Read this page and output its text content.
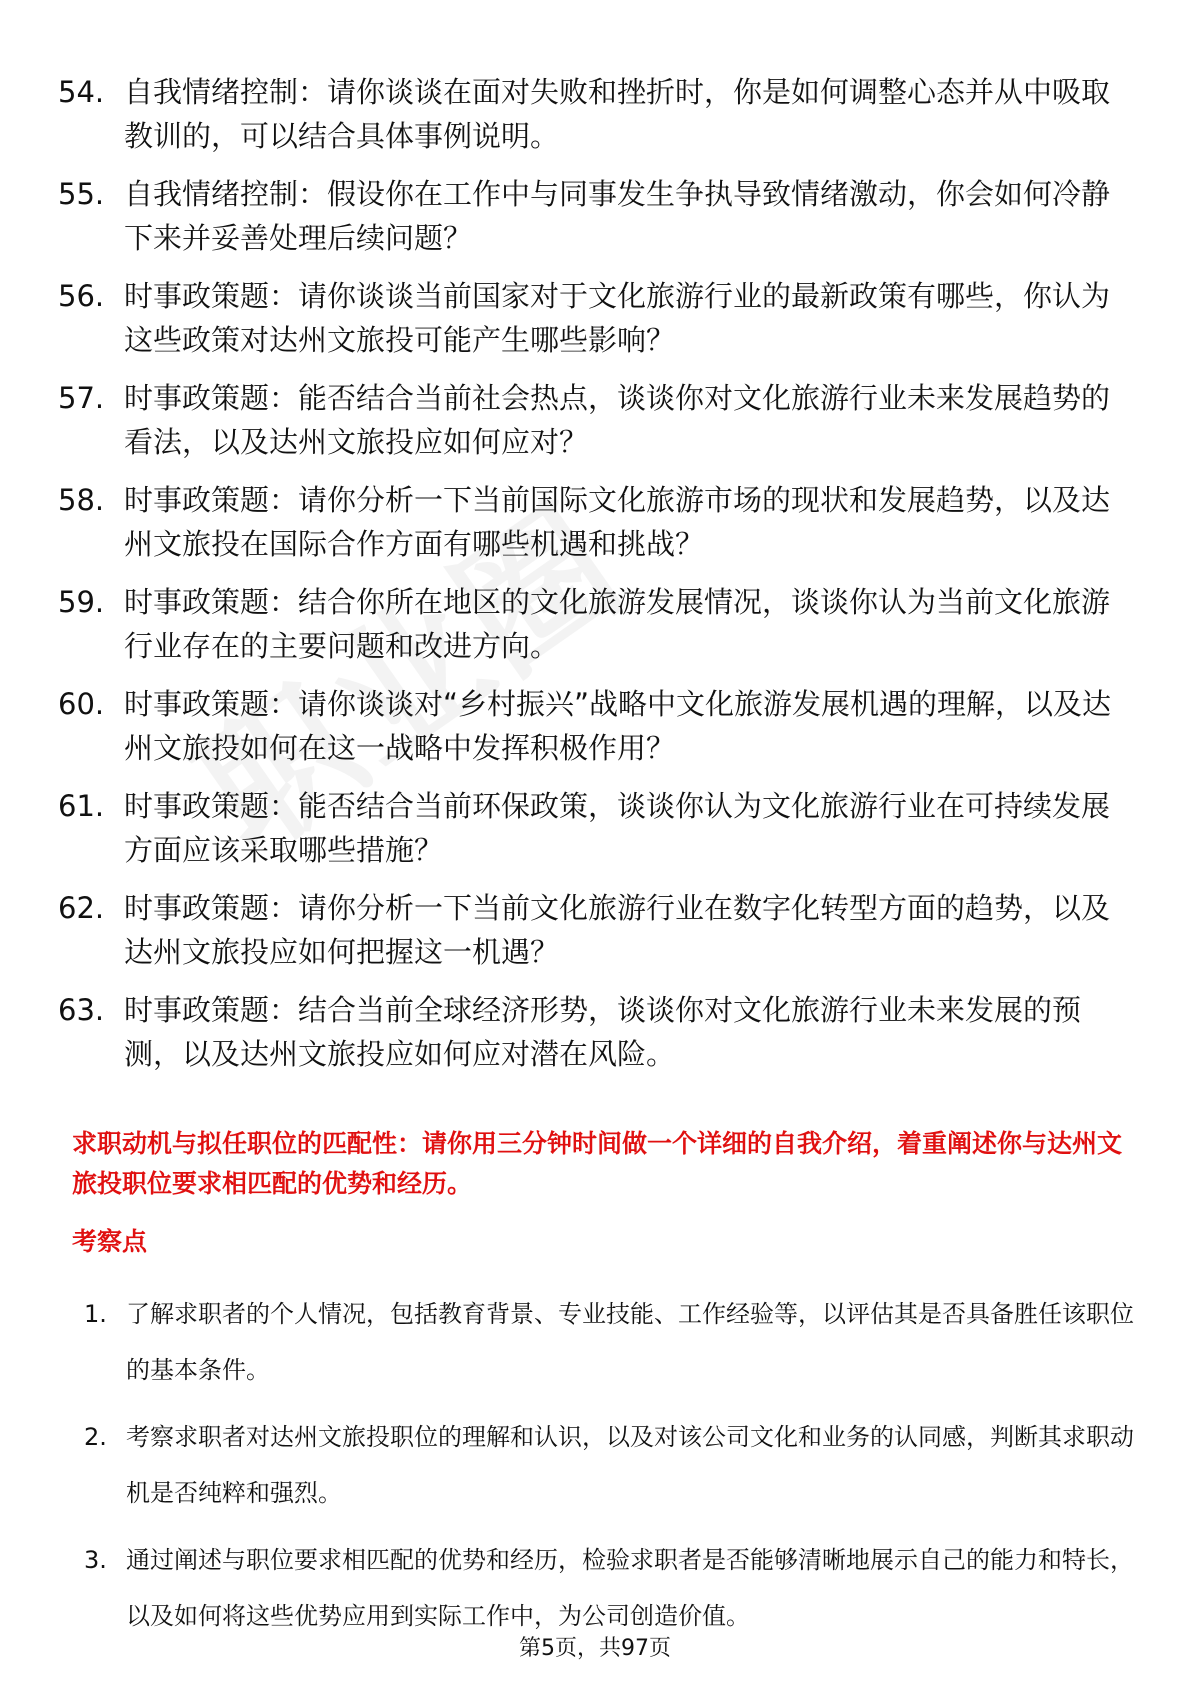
54. 自我情绪控制：请你谈谈在面对失败和挫折时，你是如何调整心态并从中吸取教训的，可以结合具体事例说明。
55. 自我情绪控制：假设你在工作中与同事发生争执导致情绪激动，你会如何冷静下来并妥善处理后续问题？
56. 时事政策题：请你谈谈当前国家对于文化旅游行业的最新政策有哪些，你认为这些政策对达州文旅投可能产生哪些影响？
57. 时事政策题：能否结合当前社会热点，谈谈你对文化旅游行业未来发展趋势的看法，以及达州文旅投应如何应对？
58. 时事政策题：请你分析一下当前国际文化旅游市场的现状和发展趋势，以及达州文旅投在国际合作方面有哪些机遇和挑战？
59. 时事政策题：结合你所在地区的文化旅游发展情况，谈谈你认为当前文化旅游行业存在的主要问题和改进方向。
60. 时事政策题：请你谈谈对“乡村振兴”战略中文化旅游发展机遇的理解，以及达州文旅投如何在这一战略中发挥积极作用？
61. 时事政策题：能否结合当前环保政策，谈谈你认为文化旅游行业在可持续发展方面应该采取哪些措施？
62. 时事政策题：请你分析一下当前文化旅游行业在数字化转型方面的趋势，以及达州文旅投应如何把握这一机遇？
63. 时事政策题：结合当前全球经济形势，谈谈你对文化旅游行业未来发展的预测，以及达州文旅投应如何应对潜在风险。
求职动机与拟任职位的匹配性：请你用三分钟时间做一个详细的自我介绍，着重阐述你与达州文旅投职位要求相匹配的优势和经历。
考察点
1. 了解求职者的个人情况，包括教育背景、专业技能、工作经验等，以评估其是否具备胜任该职位的基本条件。
2. 考察求职者对达州文旅投职位的理解和认识，以及对该公司文化和业务的认同感，判断其求职动机是否纯粹和强烈。
3. 通过阐述与职位要求相匹配的优势和经历，检验求职者是否能够清晰地展示自己的能力和特长，以及如何将这些优势应用到实际工作中，为公司创造价值。
第5页，共97页
